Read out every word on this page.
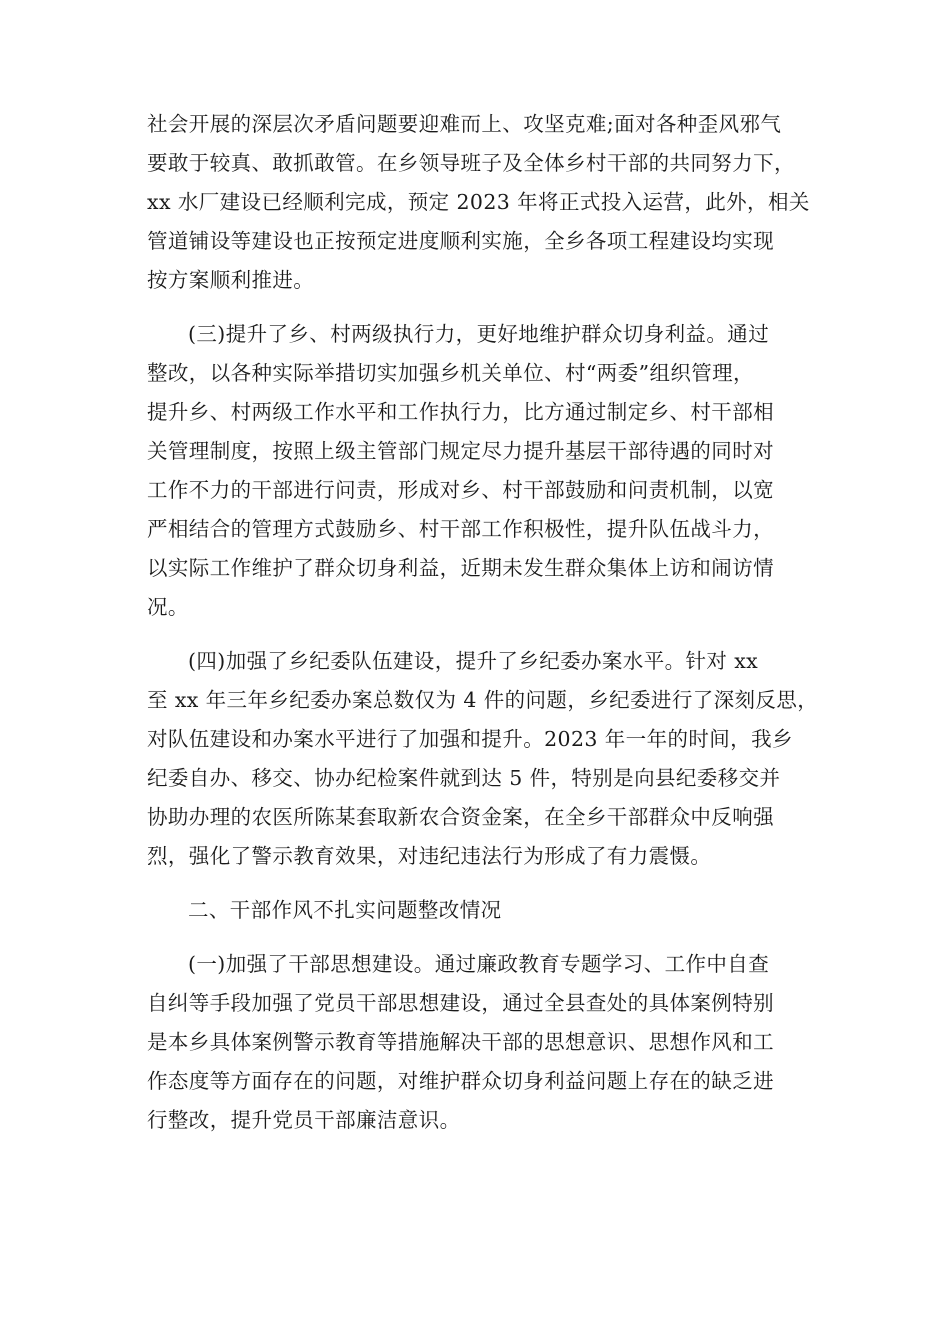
社会开展的深层次矛盾问题要迎难而上、攻坚克难;面对各种歪风邪气
要敢于较真、敢抓敢管。在乡领导班子及全体乡村干部的共同努力下，
xx 水厂建设已经顺利完成，预定 2023 年将正式投入运营，此外，相关
管道铺设等建设也正按预定进度顺利实施，全乡各项工程建设均实现
按方案顺利推进。

(三)提升了乡、村两级执行力，更好地维护群众切身利益。通过
整改，以各种实际举措切实加强乡机关单位、村“两委”组织管理，
提升乡、村两级工作水平和工作执行力，比方通过制定乡、村干部相
关管理制度，按照上级主管部门规定尽力提升基层干部待遇的同时对
工作不力的干部进行问责，形成对乡、村干部鼓励和问责机制，以宽
严相结合的管理方式鼓励乡、村干部工作积极性，提升队伍战斗力，
以实际工作维护了群众切身利益，近期未发生群众集体上访和闹访情
况。

(四)加强了乡纪委队伍建设，提升了乡纪委办案水平。针对 xx
至 xx 年三年乡纪委办案总数仅为 4 件的问题，乡纪委进行了深刻反思，
对队伍建设和办案水平进行了加强和提升。2023 年一年的时间，我乡
纪委自办、移交、协办纪检案件就到达 5 件，特别是向县纪委移交并
协助办理的农医所陈某套取新农合资金案，在全乡干部群众中反响强
烈，强化了警示教育效果，对违纪违法行为形成了有力震慑。

二、干部作风不扎实问题整改情况

(一)加强了干部思想建设。通过廉政教育专题学习、工作中自查
自纠等手段加强了党员干部思想建设，通过全县查处的具体案例特别
是本乡具体案例警示教育等措施解决干部的思想意识、思想作风和工
作态度等方面存在的问题，对维护群众切身利益问题上存在的缺乏进
行整改，提升党员干部廉洁意识。
